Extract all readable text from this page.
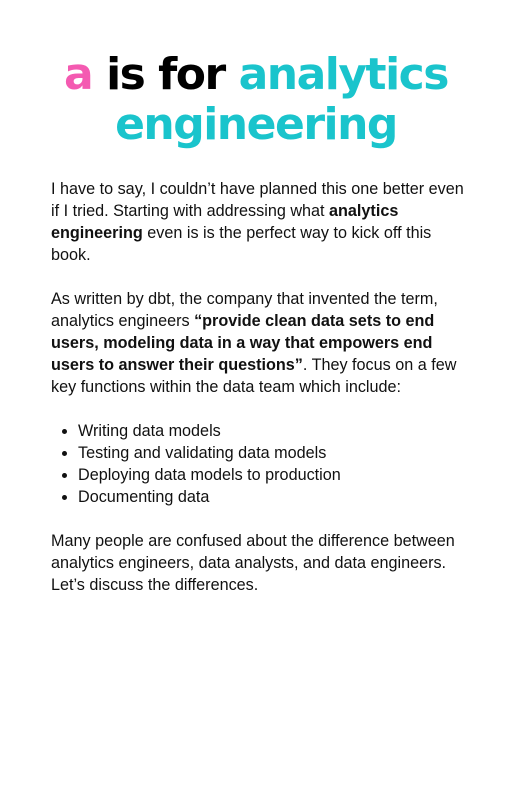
a is for analytics
engineering

I have to say, I couldn’t have planned this one better even if I tried. Starting with addressing what analytics engineering even is is the perfect way to kick off this book.

As written by dbt, the company that invented the term, analytics engineers “provide clean data sets to end users, modeling data in a way that empowers end users to answer their questions”. They focus on a few key functions within the data team which include:

• Writing data models
• Testing and validating data models
• Deploying data models to production
• Documenting data

Many people are confused about the difference between analytics engineers, data analysts, and data engineers. Let’s discuss the differences.
